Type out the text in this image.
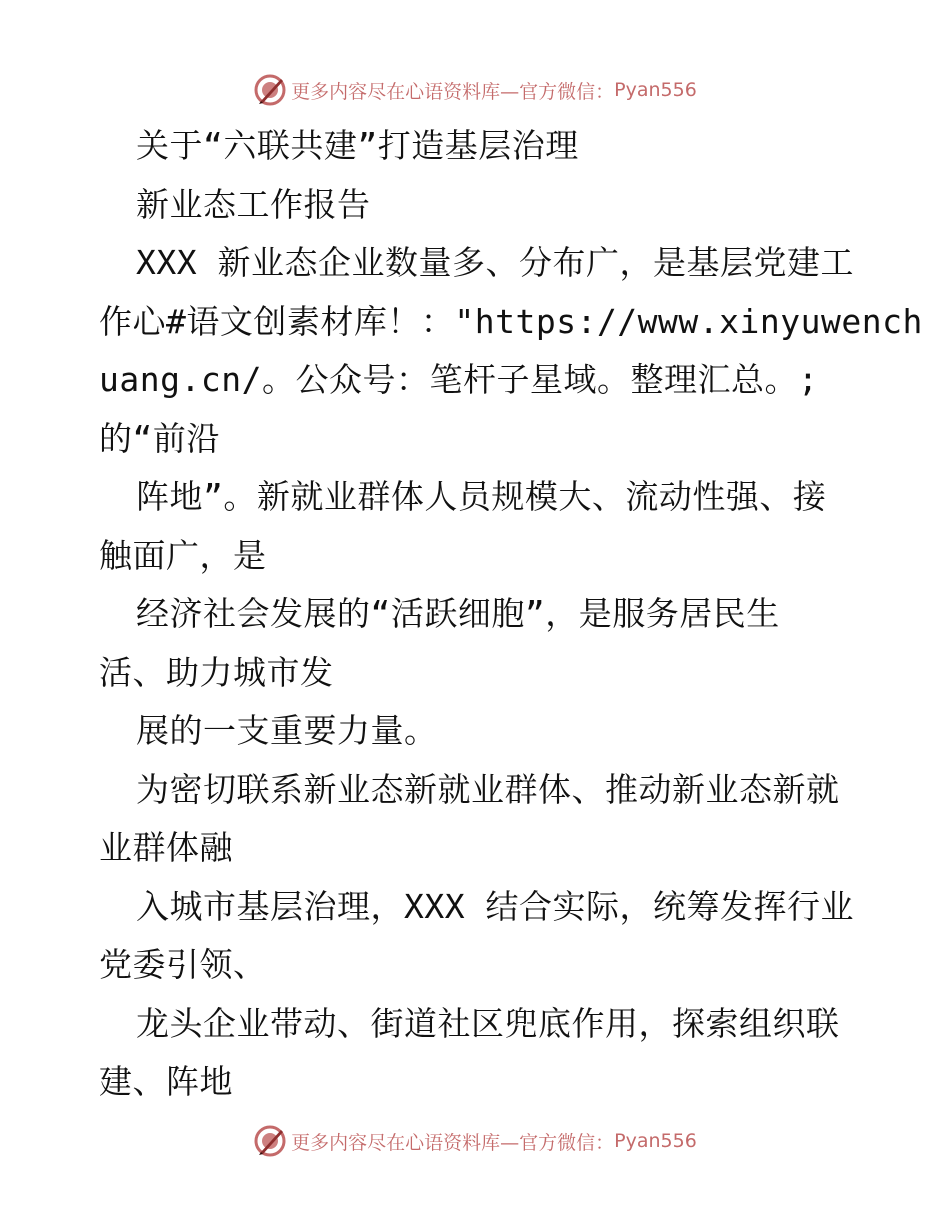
更多内容尽在心语资料库—官方微信： Pyan556
关于“六联共建”打造基层治理
新业态工作报告
XXX 新业态企业数量多、分布广，是基层党建工
作心#语文创素材库！："https://www.xinyuwench
uang.cn/。公众号：笔杆子星域。整理汇总。;
的“前沿
阵地”。新就业群体人员规模大、流动性强、接
触面广，是
经济社会发展的“活跃细胞”，是服务居民生
活、助力城市发
展的一支重要力量。
为密切联系新业态新就业群体、推动新业态新就
业群体融
入城市基层治理，XXX 结合实际，统筹发挥行业
党委引领、
龙头企业带动、街道社区兜底作用，探索组织联
建、阵地
更多内容尽在心语资料库—官方微信： Pyan556
